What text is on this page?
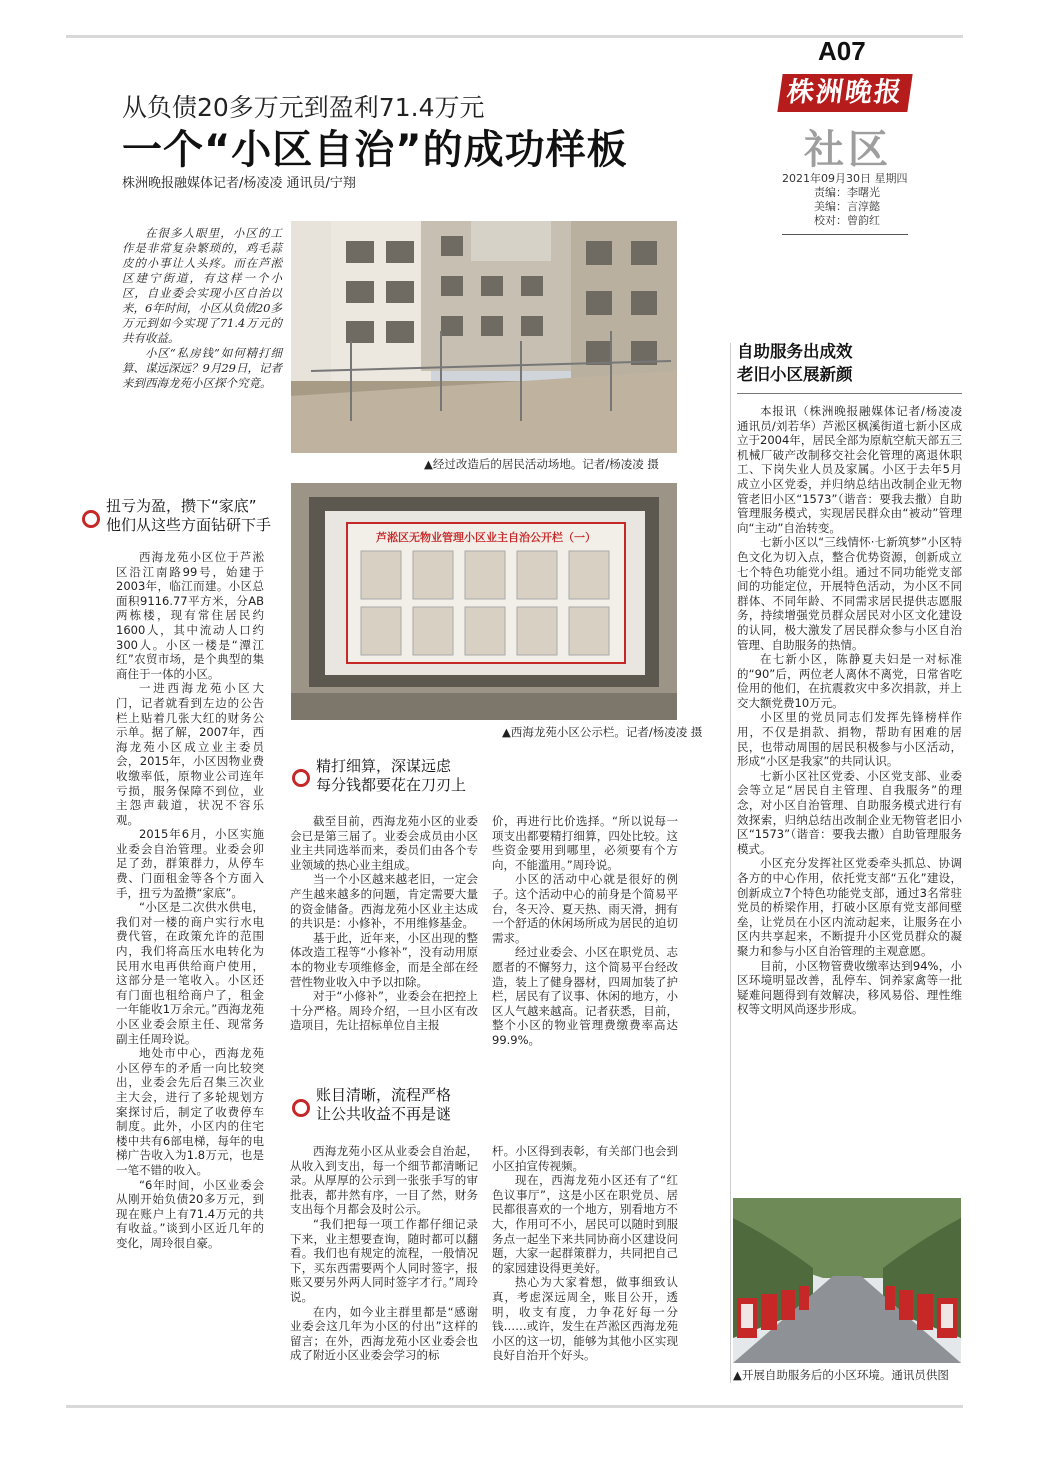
A07
株洲晚报
社区
2021年09月30日 星期四
责编：李曙光
美编：言淳懿
校对：曾韵红
从负债20多万元到盈利71.4万元
一个“小区自治”的成功样板
株洲晚报融媒体记者/杨凌凌 通讯员/宁翔

在很多人眼里，小区的工作是非常复杂繁琐的，鸡毛蒜皮的小事让人头疼。而在芦淞区建宁街道，有这样一个小区，自业委会实现小区自治以来，6年时间，小区从负债20多万元到如今实现了71.4万元的共有收益。

小区“私房钱”如何精打细算、谋远深远？9月29日，记者来到西海龙苑小区探个究竟。

▲经过改造后的居民活动场地。记者/杨凌凌 摄
芦淞区无物业管理小区业主自治公开栏（一）
▲西海龙苑小区公示栏。记者/杨凌凌 摄
扭亏为盈，攒下“家底”
他们从这些方面钻研下手

西海龙苑小区位于芦淞区沿江南路99号，始建于2003年，临江而建。小区总面积9116.77平方米，分AB两栋楼，现有常住居民约1600人，其中流动人口约300人。小区一楼是“潭江红”农贸市场，是个典型的集商住于一体的小区。

一进西海龙苑小区大门，记者就看到左边的公告栏上贴着几张大红的财务公示单。据了解，2007年，西海龙苑小区成立业主委员会，2015年，小区因物业费收缴率低，原物业公司连年亏损，服务保障不到位，业主怨声载道，状况不容乐观。

2015年6月，小区实施业委会自治管理。业委会卯足了劲，群策群力，从停车费、门面租金等各个方面入手，扭亏为盈攒“家底”。

“小区是二次供水供电，我们对一楼的商户实行水电费代管，在政策允许的范围内，我们将高压水电转化为民用水电再供给商户使用，这部分是一笔收入。小区还有门面也租给商户了，租金一年能收1万余元。”西海龙苑小区业委会原主任、现常务副主任周玲说。

地处市中心，西海龙苑小区停车的矛盾一向比较突出，业委会先后召集三次业主大会，进行了多轮规划方案探讨后，制定了收费停车制度。此外，小区内的住宅楼中共有6部电梯，每年的电梯广告收入为1.8万元，也是一笔不错的收入。

“6年时间，小区业委会从刚开始负债20多万元，到现在账户上有71.4万元的共有收益。”谈到小区近几年的变化，周玲很自豪。

精打细算，深谋远虑
每分钱都要花在刀刃上

截至目前，西海龙苑小区的业委会已是第三届了。业委会成员由小区业主共同选举而来，委员们由各个专业领域的热心业主组成。

当一个小区越来越老旧，一定会产生越来越多的问题，肯定需要大量的资金储备。西海龙苑小区业主达成的共识是：小修补，不用维修基金。

基于此，近年来，小区出现的整体改造工程等“小修补”，没有动用原本的物业专项维修金，而是全部在经营性物业收入中予以扣除。

对于“小修补”，业委会在把控上十分严格。周玲介绍，一旦小区有改造项目，先让招标单位自主报

价，再进行比价选择。“所以说每一项支出都要精打细算，四处比较。这些资金要用到哪里，必须要有个方向，不能滥用。”周玲说。

小区的活动中心就是很好的例子。这个活动中心的前身是个简易平台，冬天冷、夏天热、雨天滑，拥有一个舒适的休闲场所成为居民的迫切需求。

经过业委会、小区在职党员、志愿者的不懈努力，这个简易平台经改造，装上了健身器材，四周加装了护栏，居民有了议事、休闲的地方，小区人气越来越高。记者获悉，目前，整个小区的物业管理费缴费率高达99.9%。

账目清晰，流程严格
让公共收益不再是谜

西海龙苑小区从业委会自治起，从收入到支出，每一个细节都清晰记录。从厚厚的公示到一张张手写的审批表，都井然有序，一目了然，财务支出每个月都会及时公示。

“我们把每一项工作都仔细记录下来，业主想要查询，随时都可以翻看。我们也有规定的流程，一般情况下，买东西需要两个人同时签字，报账又要另外两人同时签字才行。”周玲说。

在内，如今业主群里都是“感谢业委会这几年为小区的付出”这样的留言；在外，西海龙苑小区业委会也成了附近小区业委会学习的标

杆。小区得到表彰，有关部门也会到小区拍宣传视频。

现在，西海龙苑小区还有了“红色议事厅”，这是小区在职党员、居民都很喜欢的一个地方，别看地方不大，作用可不小，居民可以随时到服务点一起坐下来共同协商小区建设问题，大家一起群策群力，共同把自己的家园建设得更美好。

热心为大家着想，做事细致认真，考虑深远周全，账目公开，透明，收支有度，力争花好每一分钱……或许，发生在芦淞区西海龙苑小区的这一切，能够为其他小区实现良好自治开个好头。

自助服务出成效
老旧小区展新颜

本报讯（株洲晚报融媒体记者/杨凌凌 通讯员/刘若华）芦淞区枫溪街道七新小区成立于2004年，居民全部为原航空航天部五三机械厂破产改制移交社会化管理的离退休职工、下岗失业人员及家属。小区于去年5月成立小区党委，并归纳总结出改制企业无物管老旧小区“1573”（谐音：要我去撒）自助管理服务模式，实现居民群众由“被动”管理向“主动”自治转变。

七新小区以“三线情怀·七新筑梦”小区特色文化为切入点，整合优势资源，创新成立七个特色功能党小组。通过不同功能党支部间的功能定位，开展特色活动，为小区不同群体、不同年龄、不同需求居民提供志愿服务，持续增强党员群众居民对小区文化建设的认同，极大激发了居民群众参与小区自治管理、自助服务的热情。

在七新小区，陈静夏夫妇是一对标准的“90”后，两位老人离休不离党，日常省吃俭用的他们，在抗震救灾中多次捐款，并上交大额党费10万元。

小区里的党员同志们发挥先锋榜样作用，不仅是捐款、捐物，帮助有困难的居民，也带动周围的居民积极参与小区活动，形成“小区是我家”的共同认识。

七新小区社区党委、小区党支部、业委会等立足“居民自主管理、自我服务”的理念，对小区自治管理、自助服务模式进行有效探索，归纳总结出改制企业无物管老旧小区“1573”（谐音：要我去撒）自助管理服务模式。

小区充分发挥社区党委牵头抓总、协调各方的中心作用，依托党支部“五化”建设，创新成立7个特色功能党支部，通过3名常驻党员的桥梁作用，打破小区原有党支部间壁垒，让党员在小区内流动起来，让服务在小区内共享起来，不断提升小区党员群众的凝聚力和参与小区自治管理的主观意愿。

目前，小区物管费收缴率达到94%，小区环境明显改善，乱停车、饲养家禽等一批疑难问题得到有效解决，移风易俗、理性维权等文明风尚逐步形成。

▲开展自助服务后的小区环境。通讯员供图
